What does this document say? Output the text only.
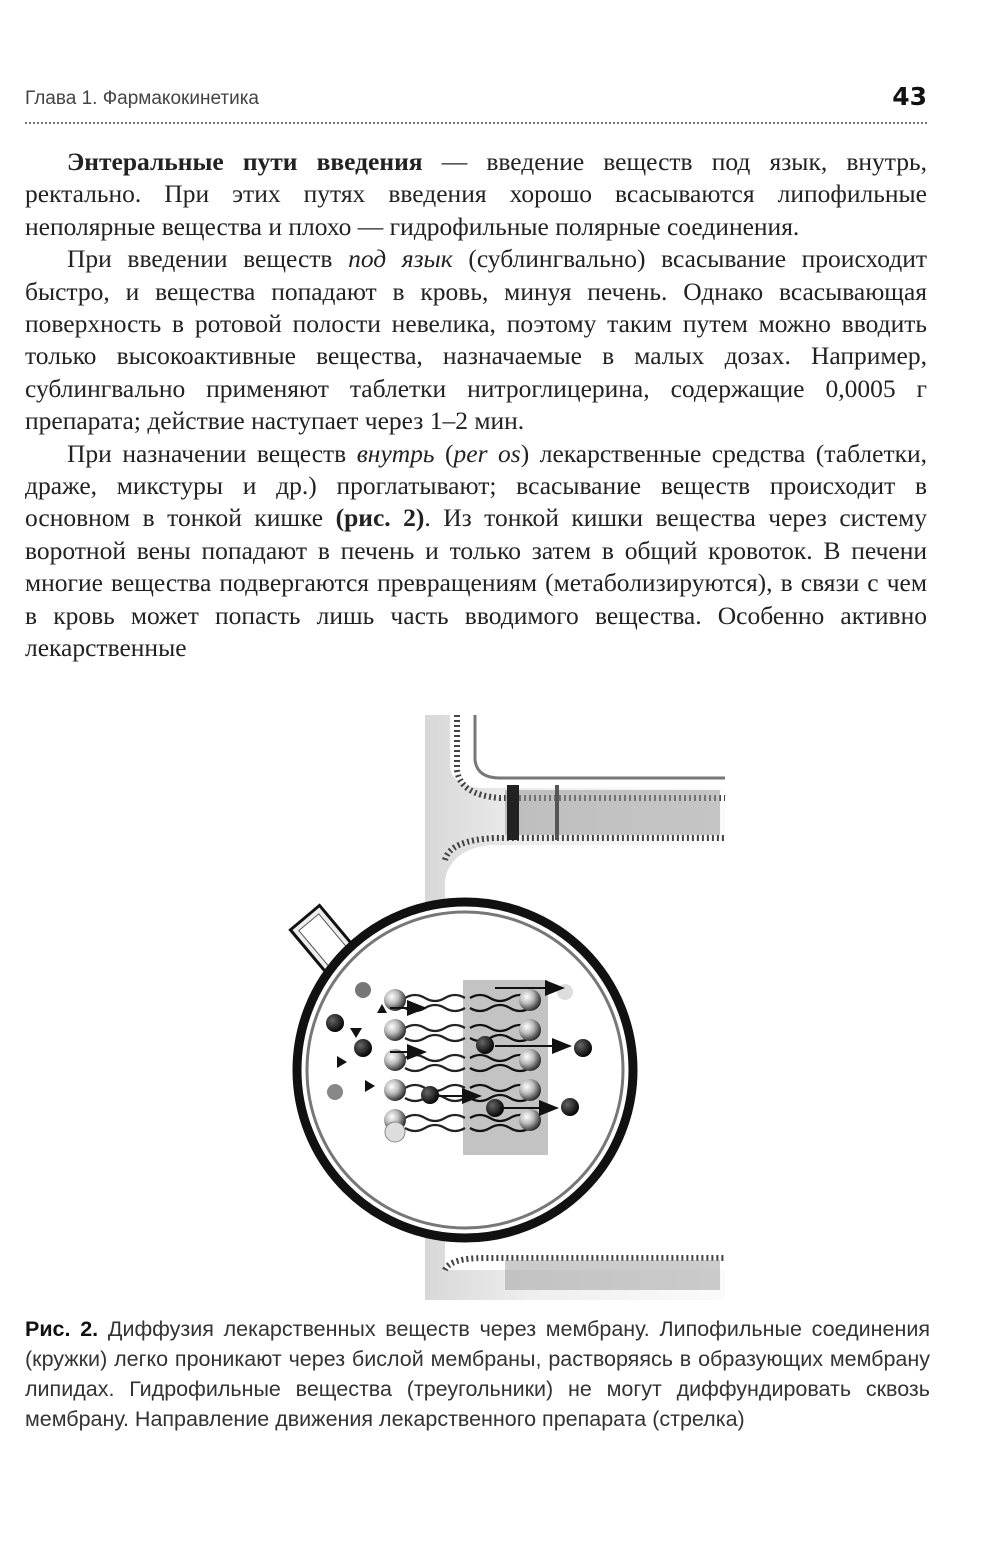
Глава 1. Фармакокинетика	43

Энтеральные пути введения — введение веществ под язык, внутрь, ректально. При этих путях введения хорошо всасываются липофильные неполярные вещества и плохо — гидрофильные полярные соединения.

При введении веществ под язык (сублингвально) всасывание происходит быстро, и вещества попадают в кровь, минуя печень. Однако всасывающая поверхность в ротовой полости невелика, поэтому таким путем можно вводить только высокоактивные вещества, назначаемые в малых дозах. Например, сублингвально применяют таблетки нитроглицерина, содержащие 0,0005 г препарата; действие наступает через 1–2 мин.

При назначении веществ внутрь (per os) лекарственные средства (таблетки, драже, микстуры и др.) проглатывают; всасывание веществ происходит в основном в тонкой кишке (рис. 2). Из тонкой кишки вещества через систему воротной вены попадают в печень и только затем в общий кровоток. В печени многие вещества подвергаются превращениям (метаболизируются), в связи с чем в кровь может попасть лишь часть вводимого вещества. Особенно активно лекарственные

Рис. 2. Диффузия лекарственных веществ через мембрану. Липофильные соединения (кружки) легко проникают через бислой мембраны, растворяясь в образующих мембрану липидах. Гидрофильные вещества (треугольники) не могут диффундировать сквозь мембрану. Направление движения лекарственного препарата (стрелка)
